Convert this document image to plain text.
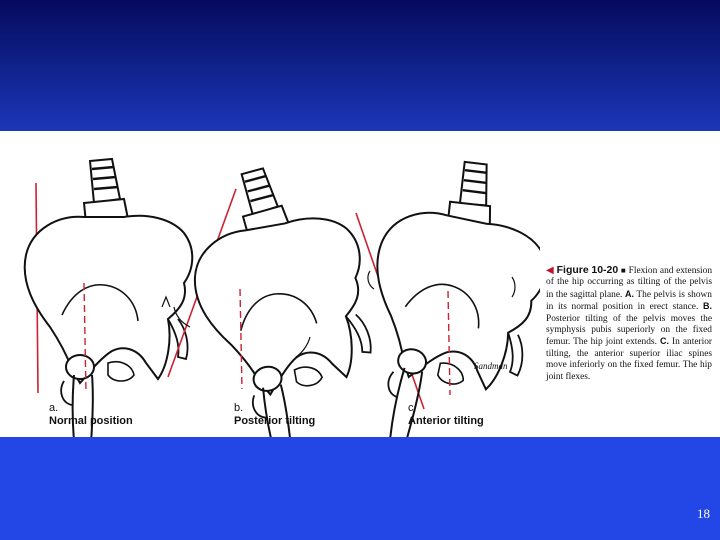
Sandman
a.
Normal position
b.
Posterior tilting
c.
Anterior tilting
◀ Figure 10-20 ■ Flexion and extension of the hip occurring as tilting of the pelvis in the sagittal plane. A. The pelvis is shown in its normal position in erect stance. B. Posterior tilting of the pelvis moves the symphysis pubis superiorly on the fixed femur. The hip joint extends. C. In anterior tilting, the anterior superior iliac spines move inferiorly on the fixed femur. The hip joint flexes.
18
